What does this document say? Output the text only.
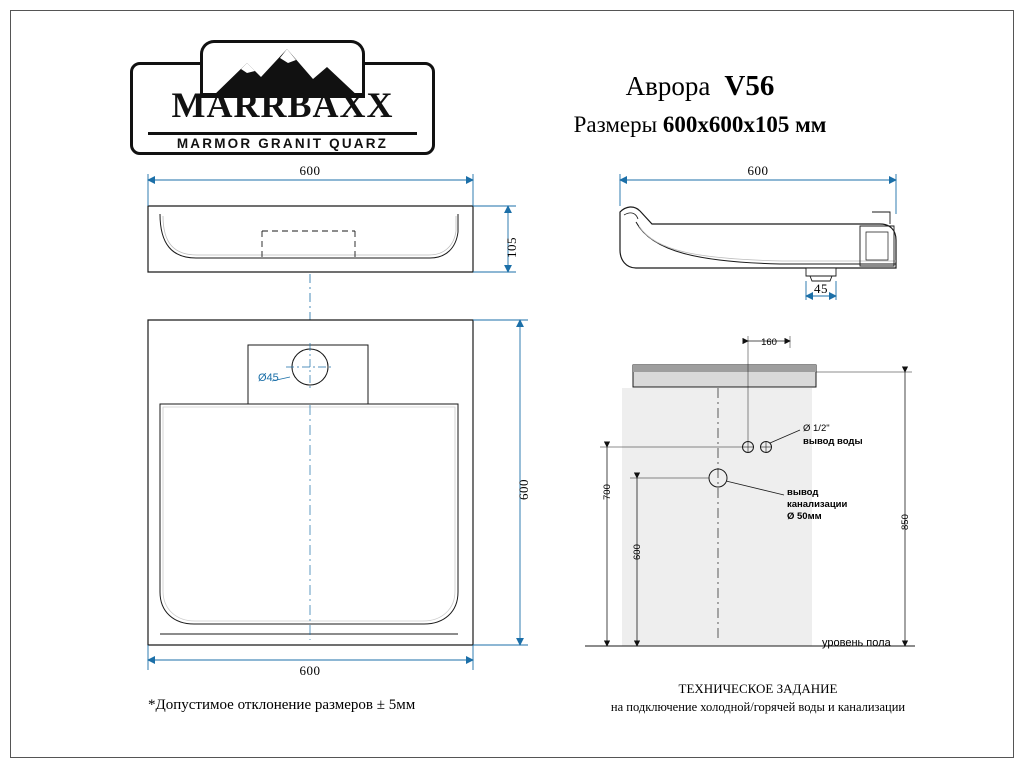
MARRBAXX
MARMOR GRANIT QUARZ
Аврора V56
Размеры 600х600х105 мм
600
105
600
45
Ø45
600
600
160
700
600
850
Ø 1/2"
вывод воды
вывод
канализации
Ø 50мм
уровень пола
*Допустимое отклонение размеров ± 5мм
ТЕХНИЧЕСКОЕ ЗАДАНИЕ
на подключение холодной/горячей воды и канализации
